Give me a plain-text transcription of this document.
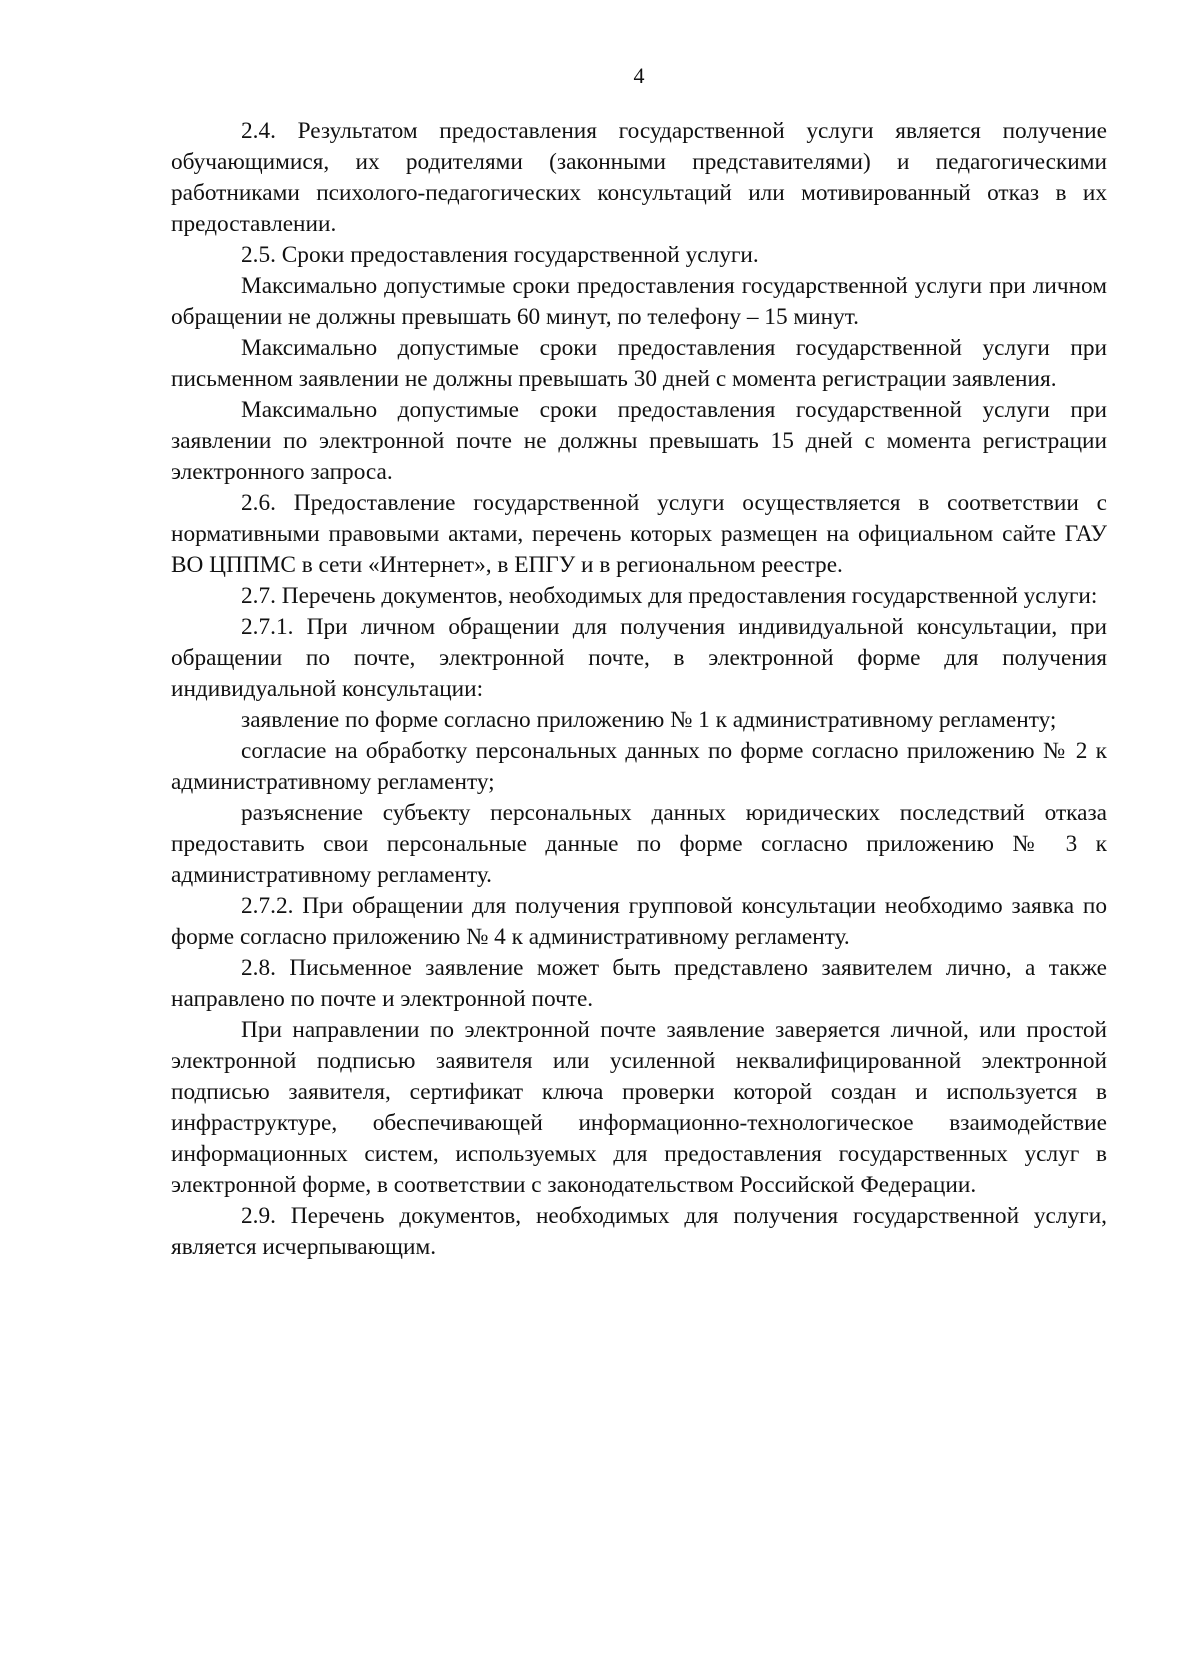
4

2.4. Результатом предоставления государственной услуги является получение обучающимися, их родителями (законными представителями) и педагогическими работниками психолого-педагогических консультаций или мотивированный отказ в их предоставлении.

2.5. Сроки предоставления государственной услуги.

Максимально допустимые сроки предоставления государственной услуги при личном обращении не должны превышать 60 минут, по телефону – 15 минут.

Максимально допустимые сроки предоставления государственной услуги при письменном заявлении не должны превышать 30 дней с момента регистрации заявления.

Максимально допустимые сроки предоставления государственной услуги при заявлении по электронной почте не должны превышать 15 дней с момента регистрации электронного запроса.

2.6. Предоставление государственной услуги осуществляется в соответствии с нормативными правовыми актами, перечень которых размещен на официальном сайте ГАУ ВО ЦППМС в сети «Интернет», в ЕПГУ и в региональном реестре.

2.7. Перечень документов, необходимых для предоставления государственной услуги:

2.7.1. При личном обращении для получения индивидуальной консультации, при обращении по почте, электронной почте, в электронной форме для получения индивидуальной консультации:

заявление по форме согласно приложению № 1 к административному регламенту;

согласие на обработку персональных данных по форме согласно приложению № 2 к административному регламенту;

разъяснение субъекту персональных данных юридических последствий отказа предоставить свои персональные данные по форме согласно приложению № 3 к административному регламенту.

2.7.2. При обращении для получения групповой консультации необходимо заявка по форме согласно приложению № 4 к административному регламенту.

2.8. Письменное заявление может быть представлено заявителем лично, а также направлено по почте и электронной почте.

При направлении по электронной почте заявление заверяется личной, или простой электронной подписью заявителя или усиленной неквалифицированной электронной подписью заявителя, сертификат ключа проверки которой создан и используется в инфраструктуре, обеспечивающей информационно-технологическое взаимодействие информационных систем, используемых для предоставления государственных услуг в электронной форме, в соответствии с законодательством Российской Федерации.

2.9. Перечень документов, необходимых для получения государственной услуги, является исчерпывающим.
